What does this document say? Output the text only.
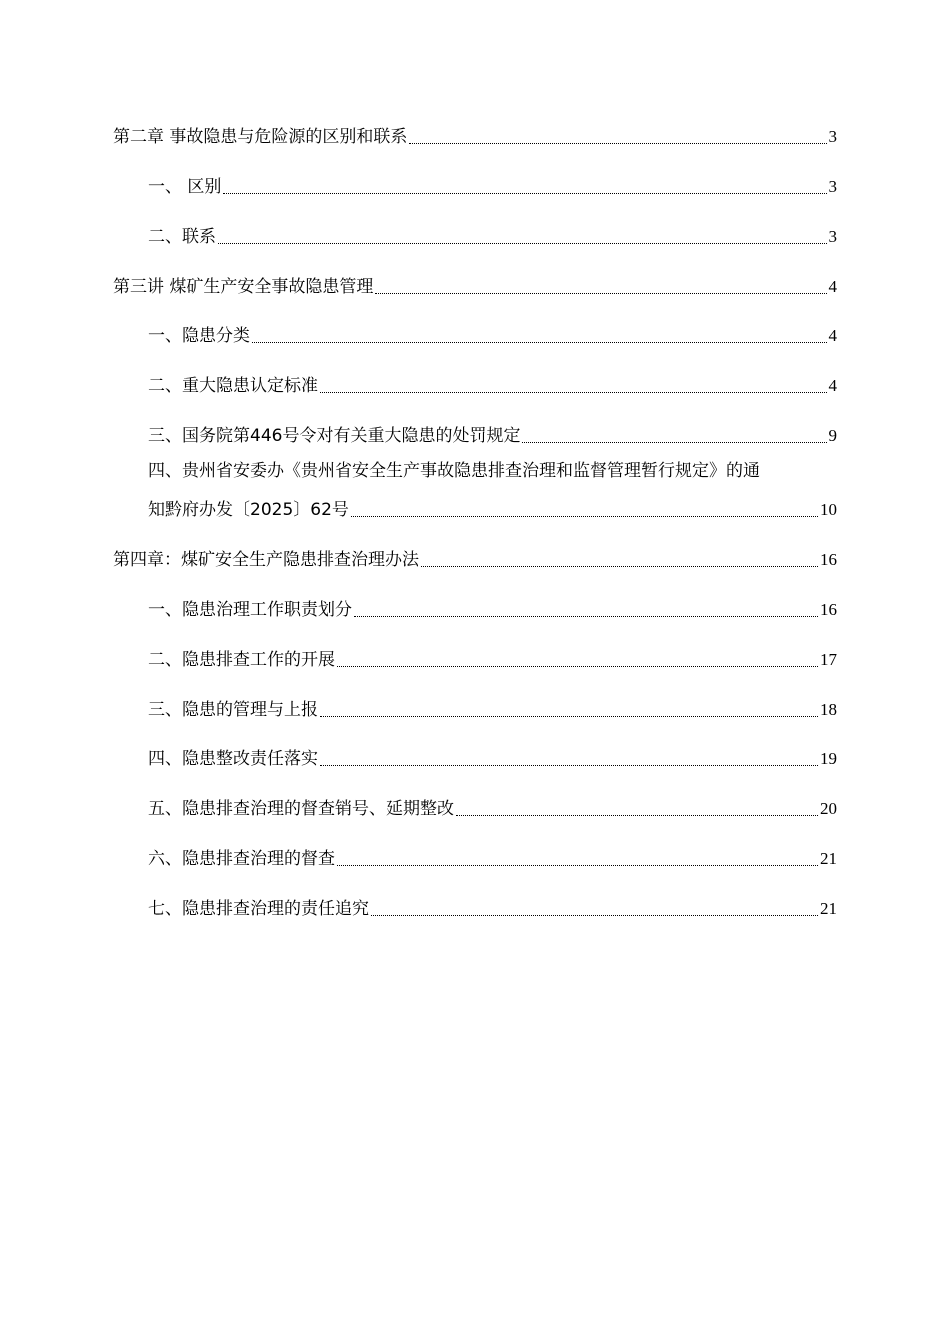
第二章 事故隐患与危险源的区别和联系	3
一、 区别	3
二、联系	3
第三讲 煤矿生产安全事故隐患管理	4
一、隐患分类	4
二、重大隐患认定标准	4
三、国务院第446号令对有关重大隐患的处罚规定	9
四、贵州省安委办《贵州省安全生产事故隐患排查治理和监督管理暂行规定》的通
知黔府办发〔2025〕62号	10
第四章：煤矿安全生产隐患排查治理办法	16
一、隐患治理工作职责划分	16
二、隐患排查工作的开展	17
三、隐患的管理与上报	18
四、隐患整改责任落实	19
五、隐患排查治理的督查销号、延期整改	20
六、隐患排查治理的督查	21
七、隐患排查治理的责任追究	21
